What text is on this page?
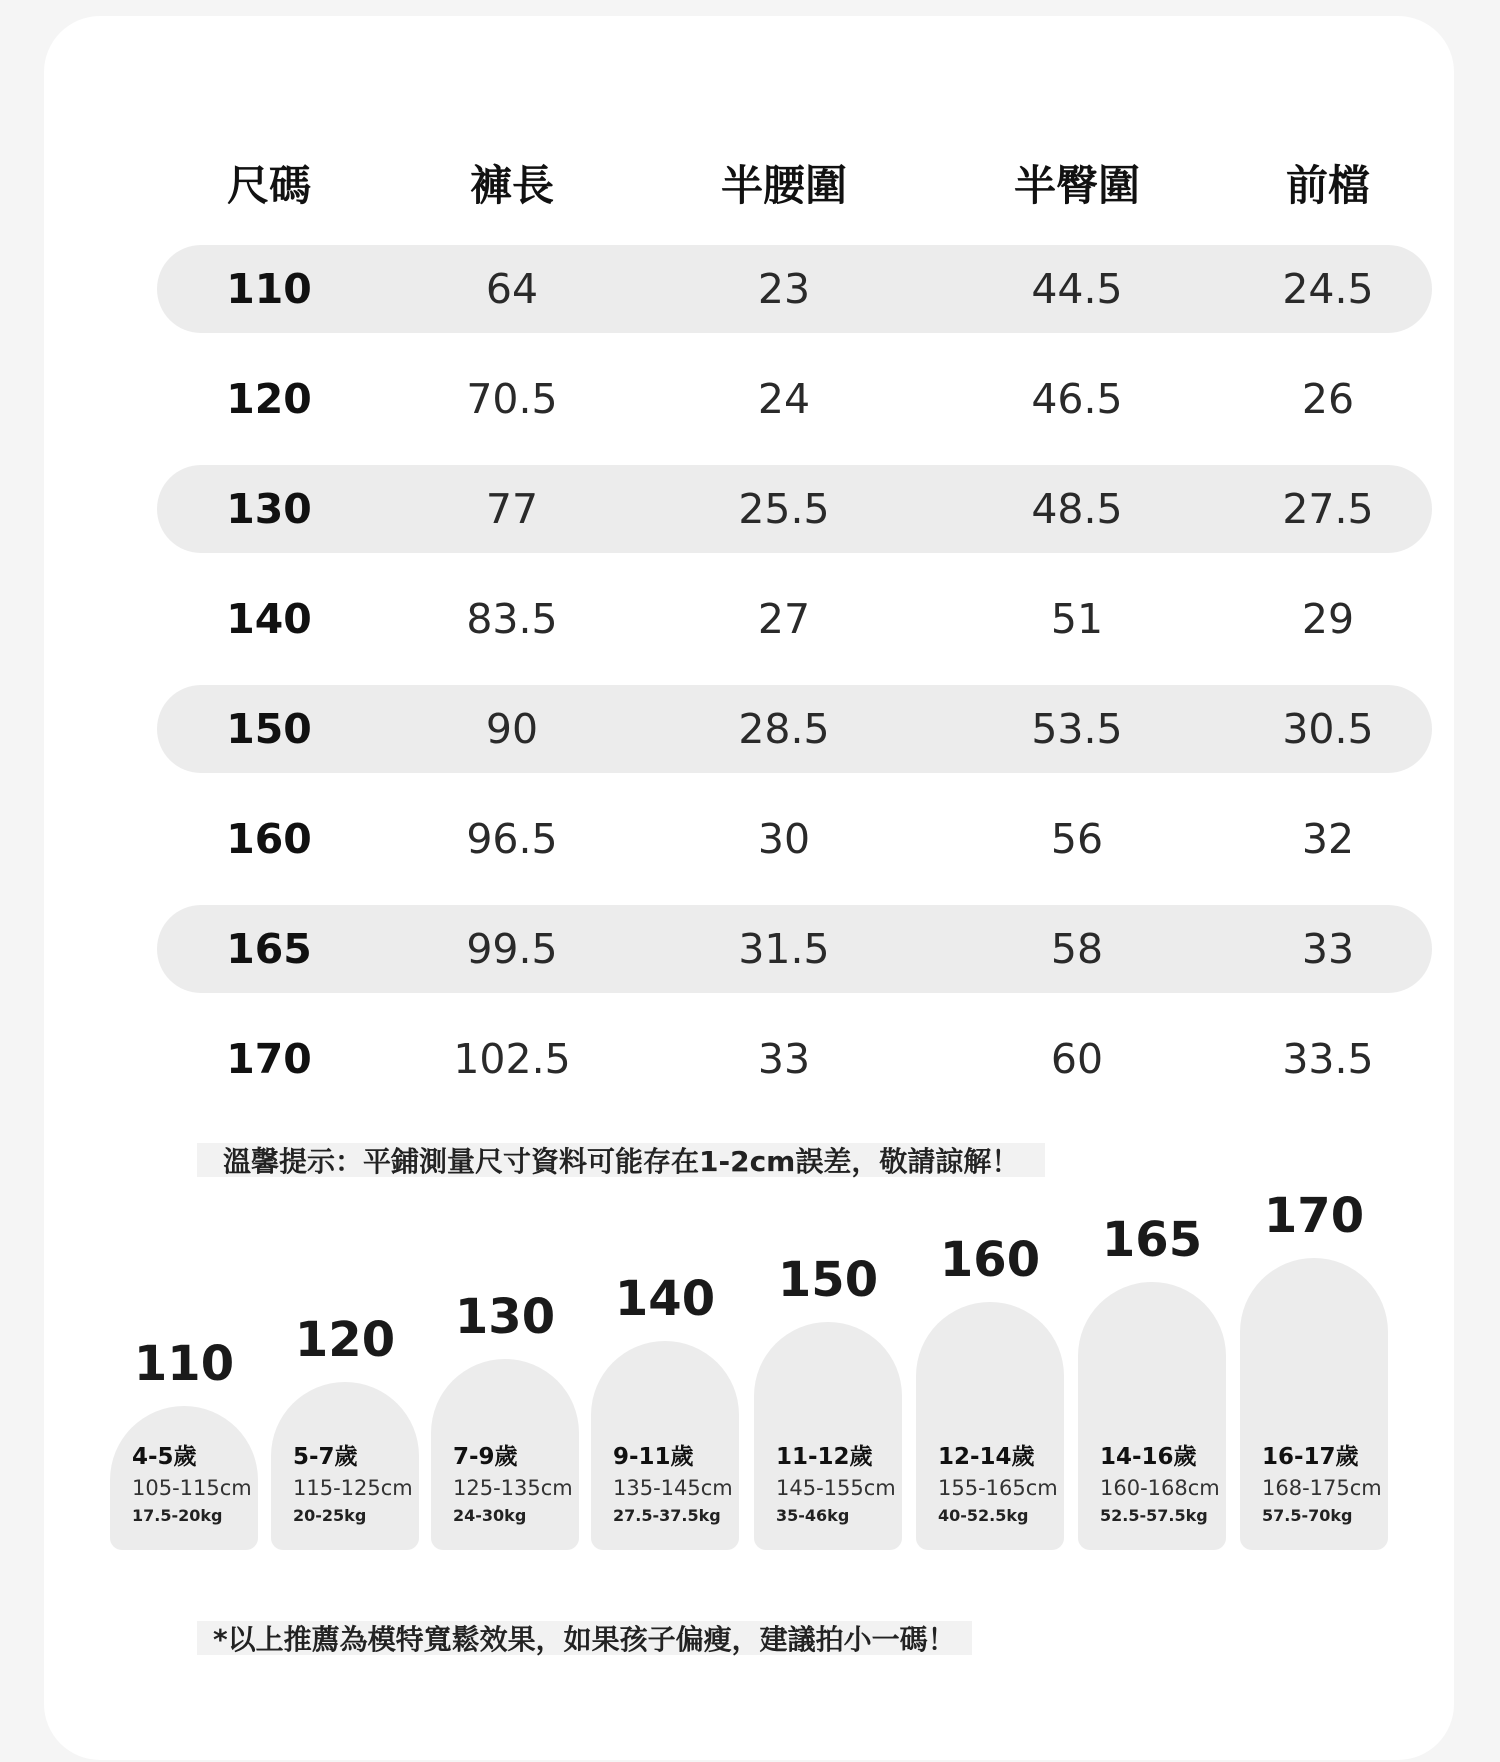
尺碼	褲長	半腰圍	半臀圍	前檔
110	64	23	44.5	24.5
120	70.5	24	46.5	26
130	77	25.5	48.5	27.5
140	83.5	27	51	29
150	90	28.5	53.5	30.5
160	96.5	30	56	32
165	99.5	31.5	58	33
170	102.5	33	60	33.5
溫馨提示：平鋪測量尺寸資料可能存在1-2cm誤差，敬請諒解！
110
4-5歲
105-115cm
17.5-20kg
120
5-7歲
115-125cm
20-25kg
130
7-9歲
125-135cm
24-30kg
140
9-11歲
135-145cm
27.5-37.5kg
150
11-12歲
145-155cm
35-46kg
160
12-14歲
155-165cm
40-52.5kg
165
14-16歲
160-168cm
52.5-57.5kg
170
16-17歲
168-175cm
57.5-70kg
*以上推薦為模特寬鬆效果，如果孩子偏瘦，建議拍小一碼！
